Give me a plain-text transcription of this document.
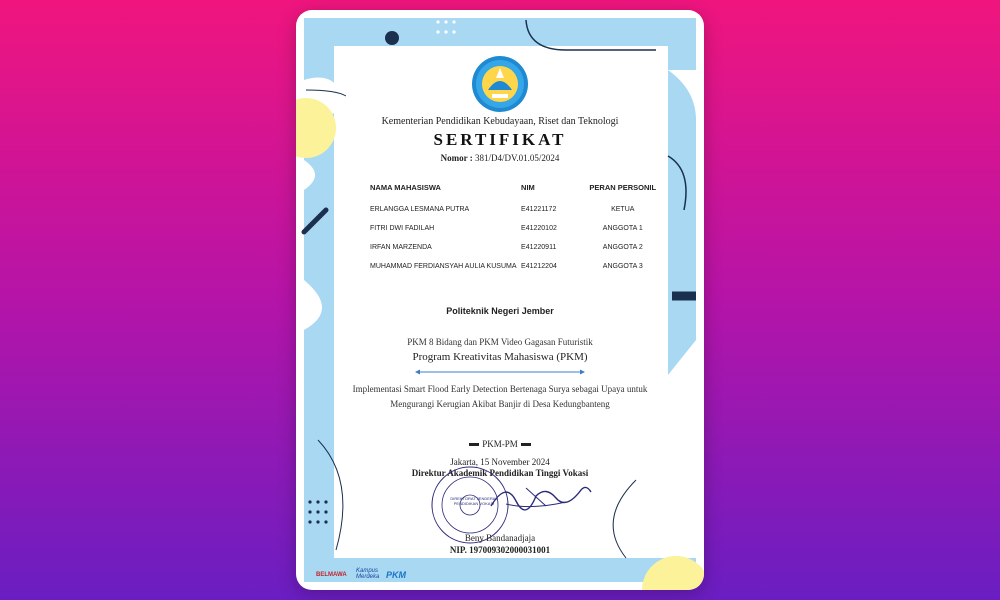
Kementerian Pendidikan Kebudayaan, Riset dan Teknologi
SERTIFIKAT
Nomor : 381/D4/DV.01.05/2024
NAMA MAHASISWA	NIM	PERAN PERSONIL
ERLANGGA LESMANA PUTRA	E41221172	KETUA
FITRI DWI FADILAH	E41220102	ANGGOTA 1
IRFAN MARZENDA	E41220911	ANGGOTA 2
MUHAMMAD FERDIANSYAH AULIA KUSUMA	E41212204	ANGGOTA 3
Politeknik Negeri Jember
PKM 8 Bidang dan PKM Video Gagasan Futuristik
Program Kreativitas Mahasiswa (PKM)
Implementasi Smart Flood Early Detection Bertenaga Surya sebagai Upaya untuk Mengurangi Kerugian Akibat Banjir di Desa Kedungbanteng
PKM-PM
Jakarta, 15 November 2024
Direktur Akademik Pendidikan Tinggi Vokasi
DIREKTORAT JENDERAL PENDIDIKAN VOKASI
Beny Bandanadjaja
NIP. 197009302000031001
BELMAWA
Kampus Merdeka PKM
